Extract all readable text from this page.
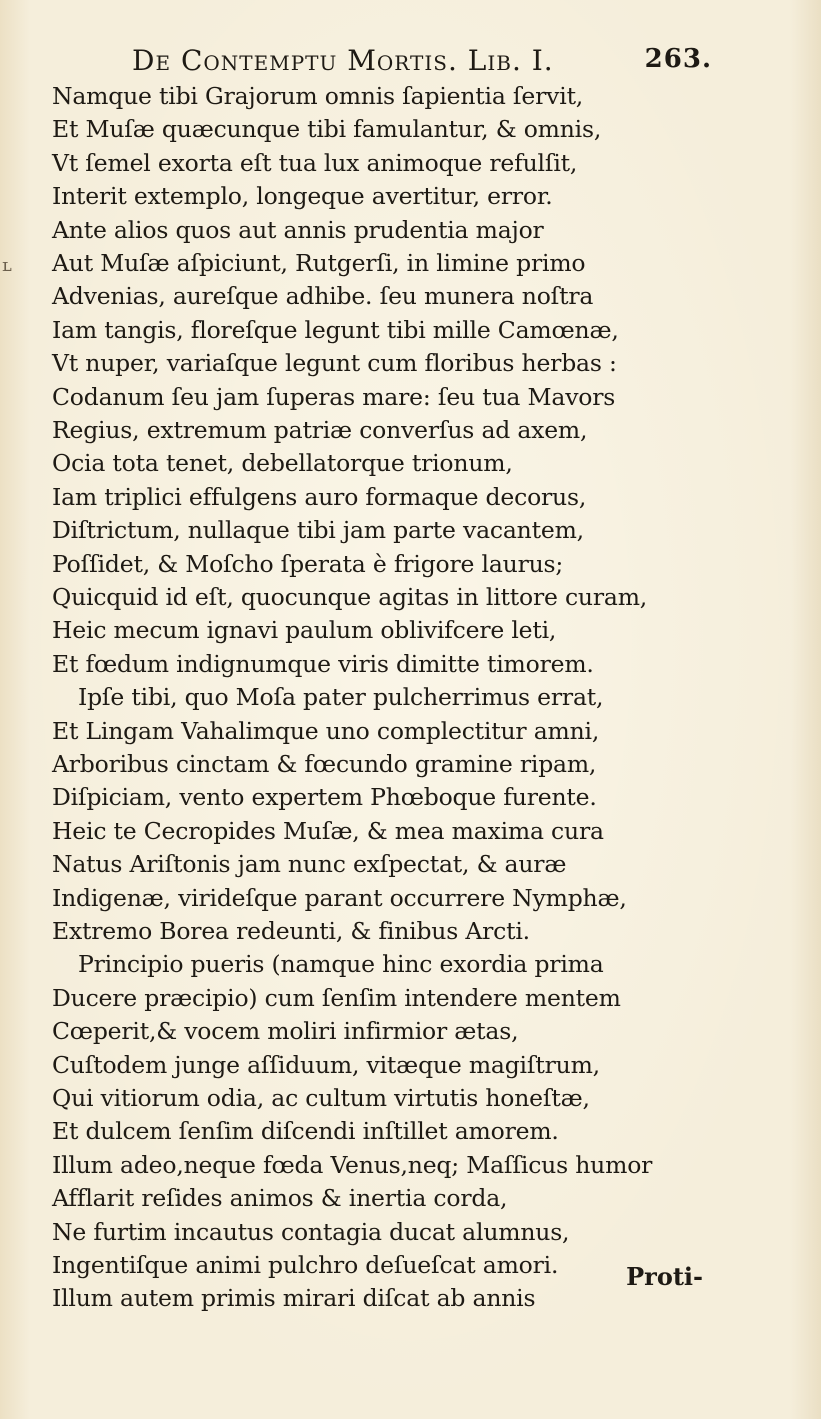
De Contemptu Mortis. Lib. I.	263.
Namque tibi Grajorum omnis ſapientia ſervit,
Et Muſæ quæcunque tibi famulantur, & omnis,
Vt ſemel exorta eſt tua lux animoque refulſit,
Interit extemplo, longeque avertitur, error.
Ante alios quos aut annis prudentia major
Aut Muſæ aſpiciunt, Rutgerſi, in limine primo
Advenias, aureſque adhibe. ſeu munera noſtra
Iam tangis, floreſque legunt tibi mille Camœnæ,
Vt nuper, variaſque legunt cum floribus herbas :
Codanum ſeu jam ſuperas mare: ſeu tua Mavors
Regius, extremum patriæ converſus ad axem,
Ocia tota tenet, debellatorque trionum,
Iam triplici effulgens auro formaque decorus,
Diſtrictum, nullaque tibi jam parte vacantem,
Poſſidet, & Moſcho ſperata è frigore laurus;
Quicquid id eſt, quocunque agitas in littore curam,
Heic mecum ignavi paulum oblivifcere leti,
Et fœdum indignumque viris dimitte timorem.
Ipſe tibi, quo Moſa pater pulcherrimus errat,
Et Lingam Vahalimque uno complectitur amni,
Arboribus cinctam & fœcundo gramine ripam,
Diſpiciam, vento expertem Phœboque furente.
Heic te Cecropides Muſæ, & mea maxima cura
Natus Ariſtonis jam nunc exſpectat, & auræ
Indigenæ, virideſque parant occurrere Nymphæ,
Extremo Borea redeunti, & finibus Arcti.
Principio pueris (namque hinc exordia prima
Ducere præcipio) cum ſenſim intendere mentem
Cœperit,& vocem moliri infirmior ætas,
Cuſtodem junge aſſiduum, vitæque magiſtrum,
Qui vitiorum odia, ac cultum virtutis honeſtæ,
Et dulcem ſenſim diſcendi inſtillet amorem.
Illum adeo,neque fœda Venus,neq; Maſſicus humor
Afflarit reſides animos & inertia corda,
Ne furtim incautus contagia ducat alumnus,
Ingentiſque animi pulchro deſueſcat amori.
Illum autem primis mirari diſcat ab annis
Proti-
ʟ
